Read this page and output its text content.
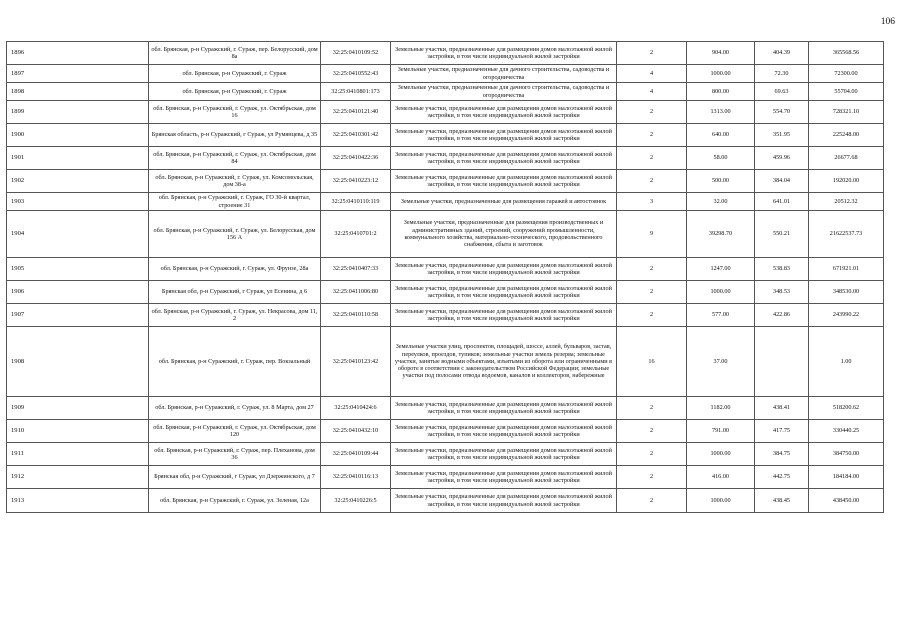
106
1896	обл. Брянская, р-н Суражский, г. Сураж, пер. Белорусский, дом 8а	32:25:0410109:52	Земельные участки, предназначенные для размещения домов малоэтажной жилой застройки, в том числе индивидуальной жилой застройки	2	904.00	404.39	365568.56
1897	обл. Брянская, р-н Суражский, г. Сураж	32:25:0410552:43	Земельные участки, предназначенные для дачного строительства, садоводства и огородничества	4	1000.00	72.30	72300.00
1898	обл. Брянская, р-н Суражский, г. Сураж	32:25:0410801:173	Земельные участки, предназначенные для дачного строительства, садоводства и огородничества	4	800.00	69.63	55704.00
1899	обл. Брянская, р-н Суражский, г. Сураж, ул. Октябрьская, дом 16	32:25:0410121:40	Земельные участки, предназначенные для размещения домов малоэтажной жилой застройки, в том числе индивидуальной жилой застройки	2	1313.00	554.70	728321.10
1900	Брянская область, р-н Суражский, г Сураж, ул Румянцева, д 35	32:25:0410301:42	Земельные участки, предназначенные для размещения домов малоэтажной жилой застройки, в том числе индивидуальной жилой застройки	2	640.00	351.95	225248.00
1901	обл. Брянская, р-н Суражский, г. Сураж, ул. Октябрьская, дом 84	32:25:0410422:36	Земельные участки, предназначенные для размещения домов малоэтажной жилой застройки, в том числе индивидуальной жилой застройки	2	58.00	459.96	26677.68
1902	обл. Брянская, р-н Суражский, г. Сураж, ул. Комсомольская, дом 38-а	32:25:0410223:12	Земельные участки, предназначенные для размещения домов малоэтажной жилой застройки, в том числе индивидуальной жилой застройки	2	500.00	384.04	192020.00
1903	обл. Брянская, р-н Суражский, г. Сураж, ГО 30-й квартал, строение 31	32:25:0410110:119	Земельные участки, предназначенные для размещения гаражей и автостоянок	3	32.00	641.01	20512.32
1904	обл. Брянская, р-н Суражский, г. Сураж, ул. Белорусская, дом 156 А	32:25:0410701:2	Земельные участки, предназначенные для размещения производственных и административных зданий, строений, сооружений промышленности, коммунального хозяйства, материально-технического, продовольственного снабжения, сбыта и заготовок	9	39298.70	550.21	21622537.73
1905	обл. Брянская, р-н Суражский, г. Сураж, ул. Фрунзе, 28а	32:25:0410407:33	Земельные участки, предназначенные для размещения домов малоэтажной жилой застройки, в том числе индивидуальной жилой застройки	2	1247.00	538.83	671921.01
1906	Брянская обл, р-н Суражский, г Сураж, ул Есенина, д 6	32:25:0411006:80	Земельные участки, предназначенные для размещения домов малоэтажной жилой застройки, в том числе индивидуальной жилой застройки	2	1000.00	348.53	348530.00
1907	обл. Брянская, р-н Суражский, г. Сураж, ул. Некрасова, дом 11, 2	32:25:0410110:58	Земельные участки, предназначенные для размещения домов малоэтажной жилой застройки, в том числе индивидуальной жилой застройки	2	577.00	422.86	243990.22
1908	обл. Брянская, р-н Суражский, г. Сураж, пер. Вокзальный	32:25:0410123:42	Земельные участки улиц, проспектов, площадей, шоссе, аллей, бульваров, застав, переулков, проездов, тупиков; земельные участки земель резерва; земельные участки, занятые водными объектами, изъятыми из оборота или ограниченными в обороте в соответствии с законодательством Российской Федерации; земельные участки под полосами отвода водоемов, каналов и коллекторов, набережные	16	37.00		1.00
1909	обл. Брянская, р-н Суражский, г. Сураж, ул. 8 Марта, дом 27	32:25:0410424:6	Земельные участки, предназначенные для размещения домов малоэтажной жилой застройки, в том числе индивидуальной жилой застройки	2	1182.00	438.41	518200.62
1910	обл. Брянская, р-н Суражский, г. Сураж, ул. Октябрьская, дом 120	32:25:0410432:10	Земельные участки, предназначенные для размещения домов малоэтажной жилой застройки, в том числе индивидуальной жилой застройки	2	791.00	417.75	330440.25
1911	обл. Брянская, р-н Суражский, г. Сураж, пер. Плеханова, дом 36	32:25:0410109:44	Земельные участки, предназначенные для размещения домов малоэтажной жилой застройки, в том числе индивидуальной жилой застройки	2	1000.00	384.75	384750.00
1912	Брянская обл, р-н Суражский, г Сураж, ул Дзержинского, д 7	32:25:0410116:13	Земельные участки, предназначенные для размещения домов малоэтажной жилой застройки, в том числе индивидуальной жилой застройки	2	416.00	442.75	184184.00
1913	обл. Брянская, р-н Суражский, г. Сураж, ул. Зеленая, 12а	32:25:0410226:5	Земельные участки, предназначенные для размещения домов малоэтажной жилой застройки, в том числе индивидуальной жилой застройки	2	1000.00	438.45	438450.00
